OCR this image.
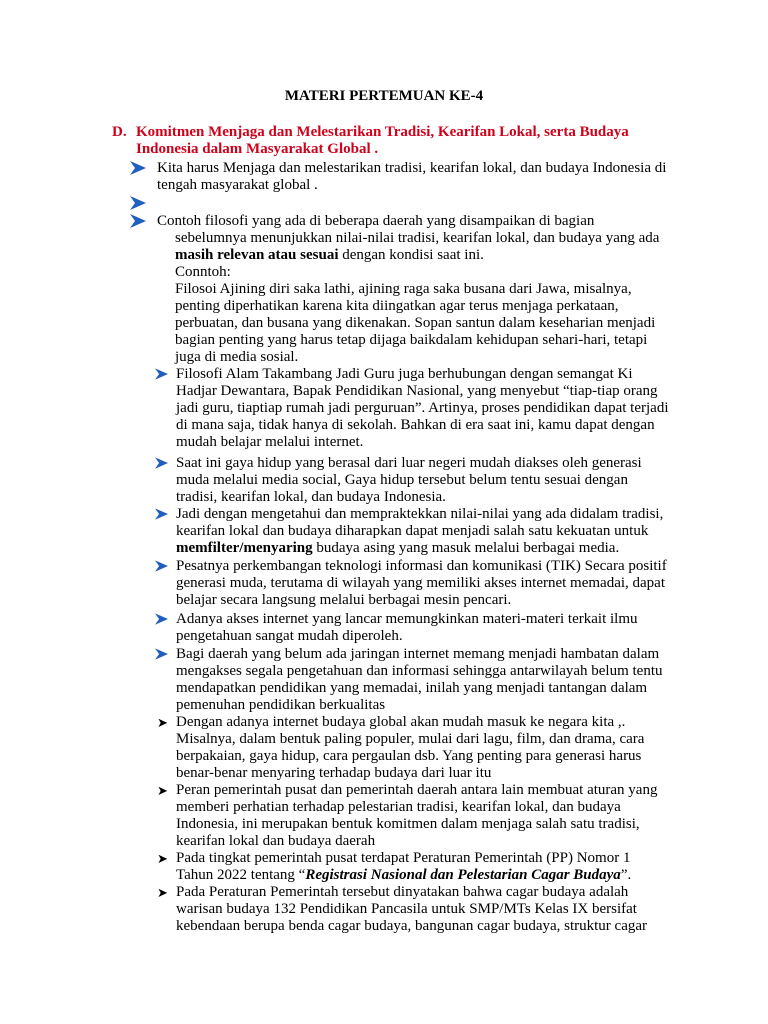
MATERI PERTEMUAN KE-4
D. Komitmen Menjaga dan Melestarikan Tradisi, Kearifan Lokal, serta Budaya

Indonesia dalam Masyarakat Global .

Kita harus Menjaga dan melestarikan tradisi, kearifan lokal, dan budaya Indonesia di

tengah masyarakat global .

Contoh filosofi yang ada di beberapa daerah yang disampaikan di bagian

sebelumnya menunjukkan nilai-nilai tradisi, kearifan lokal, dan budaya yang ada

masih relevan atau sesuai dengan kondisi saat ini.

Conntoh:

Filosoi Ajining diri saka lathi, ajining raga saka busana dari Jawa, misalnya,

penting diperhatikan karena kita diingatkan agar terus menjaga perkataan,

perbuatan, dan busana yang dikenakan. Sopan santun dalam keseharian menjadi

bagian penting yang harus tetap dijaga baikdalam kehidupan sehari-hari, tetapi

juga di media sosial.

Filosofi Alam Takambang Jadi Guru juga berhubungan dengan semangat Ki

Hadjar Dewantara, Bapak Pendidikan Nasional, yang menyebut “tiap-tiap orang

jadi guru, tiaptiap rumah jadi perguruan”. Artinya, proses pendidikan dapat terjadi

di mana saja, tidak hanya di sekolah. Bahkan di era saat ini, kamu dapat dengan

mudah belajar melalui internet.

Saat ini gaya hidup yang berasal dari luar negeri mudah diakses oleh generasi

muda melalui media social, Gaya hidup tersebut belum tentu sesuai dengan

tradisi, kearifan lokal, dan budaya Indonesia.

Jadi dengan mengetahui dan mempraktekkan nilai-nilai yang ada didalam tradisi,

kearifan lokal dan budaya diharapkan dapat menjadi salah satu kekuatan untuk

memfilter/menyaring budaya asing yang masuk melalui berbagai media.

Pesatnya perkembangan teknologi informasi dan komunikasi (TIK) Secara positif

generasi muda, terutama di wilayah yang memiliki akses internet memadai, dapat

belajar secara langsung melalui berbagai mesin pencari.

Adanya akses internet yang lancar memungkinkan materi-materi terkait ilmu

pengetahuan sangat mudah diperoleh.

Bagi daerah yang belum ada jaringan internet memang menjadi hambatan dalam

mengakses segala pengetahuan dan informasi sehingga antarwilayah belum tentu

mendapatkan pendidikan yang memadai, inilah yang menjadi tantangan dalam

pemenuhan pendidikan berkualitas

➤ Dengan adanya internet budaya global akan mudah masuk ke negara kita ,.

Misalnya, dalam bentuk paling populer, mulai dari lagu, film, dan drama, cara

berpakaian, gaya hidup, cara pergaulan dsb. Yang penting para generasi harus

benar-benar menyaring terhadap budaya dari luar itu

➤ Peran pemerintah pusat dan pemerintah daerah antara lain membuat aturan yang

memberi perhatian terhadap pelestarian tradisi, kearifan lokal, dan budaya

Indonesia, ini merupakan bentuk komitmen dalam menjaga salah satu tradisi,

kearifan lokal dan budaya daerah

➤ Pada tingkat pemerintah pusat terdapat Peraturan Pemerintah (PP) Nomor 1

Tahun 2022 tentang “Registrasi Nasional dan Pelestarian Cagar Budaya”.

➤ Pada Peraturan Pemerintah tersebut dinyatakan bahwa cagar budaya adalah

warisan budaya 132 Pendidikan Pancasila untuk SMP/MTs Kelas IX bersifat

kebendaan berupa benda cagar budaya, bangunan cagar budaya, struktur cagar
